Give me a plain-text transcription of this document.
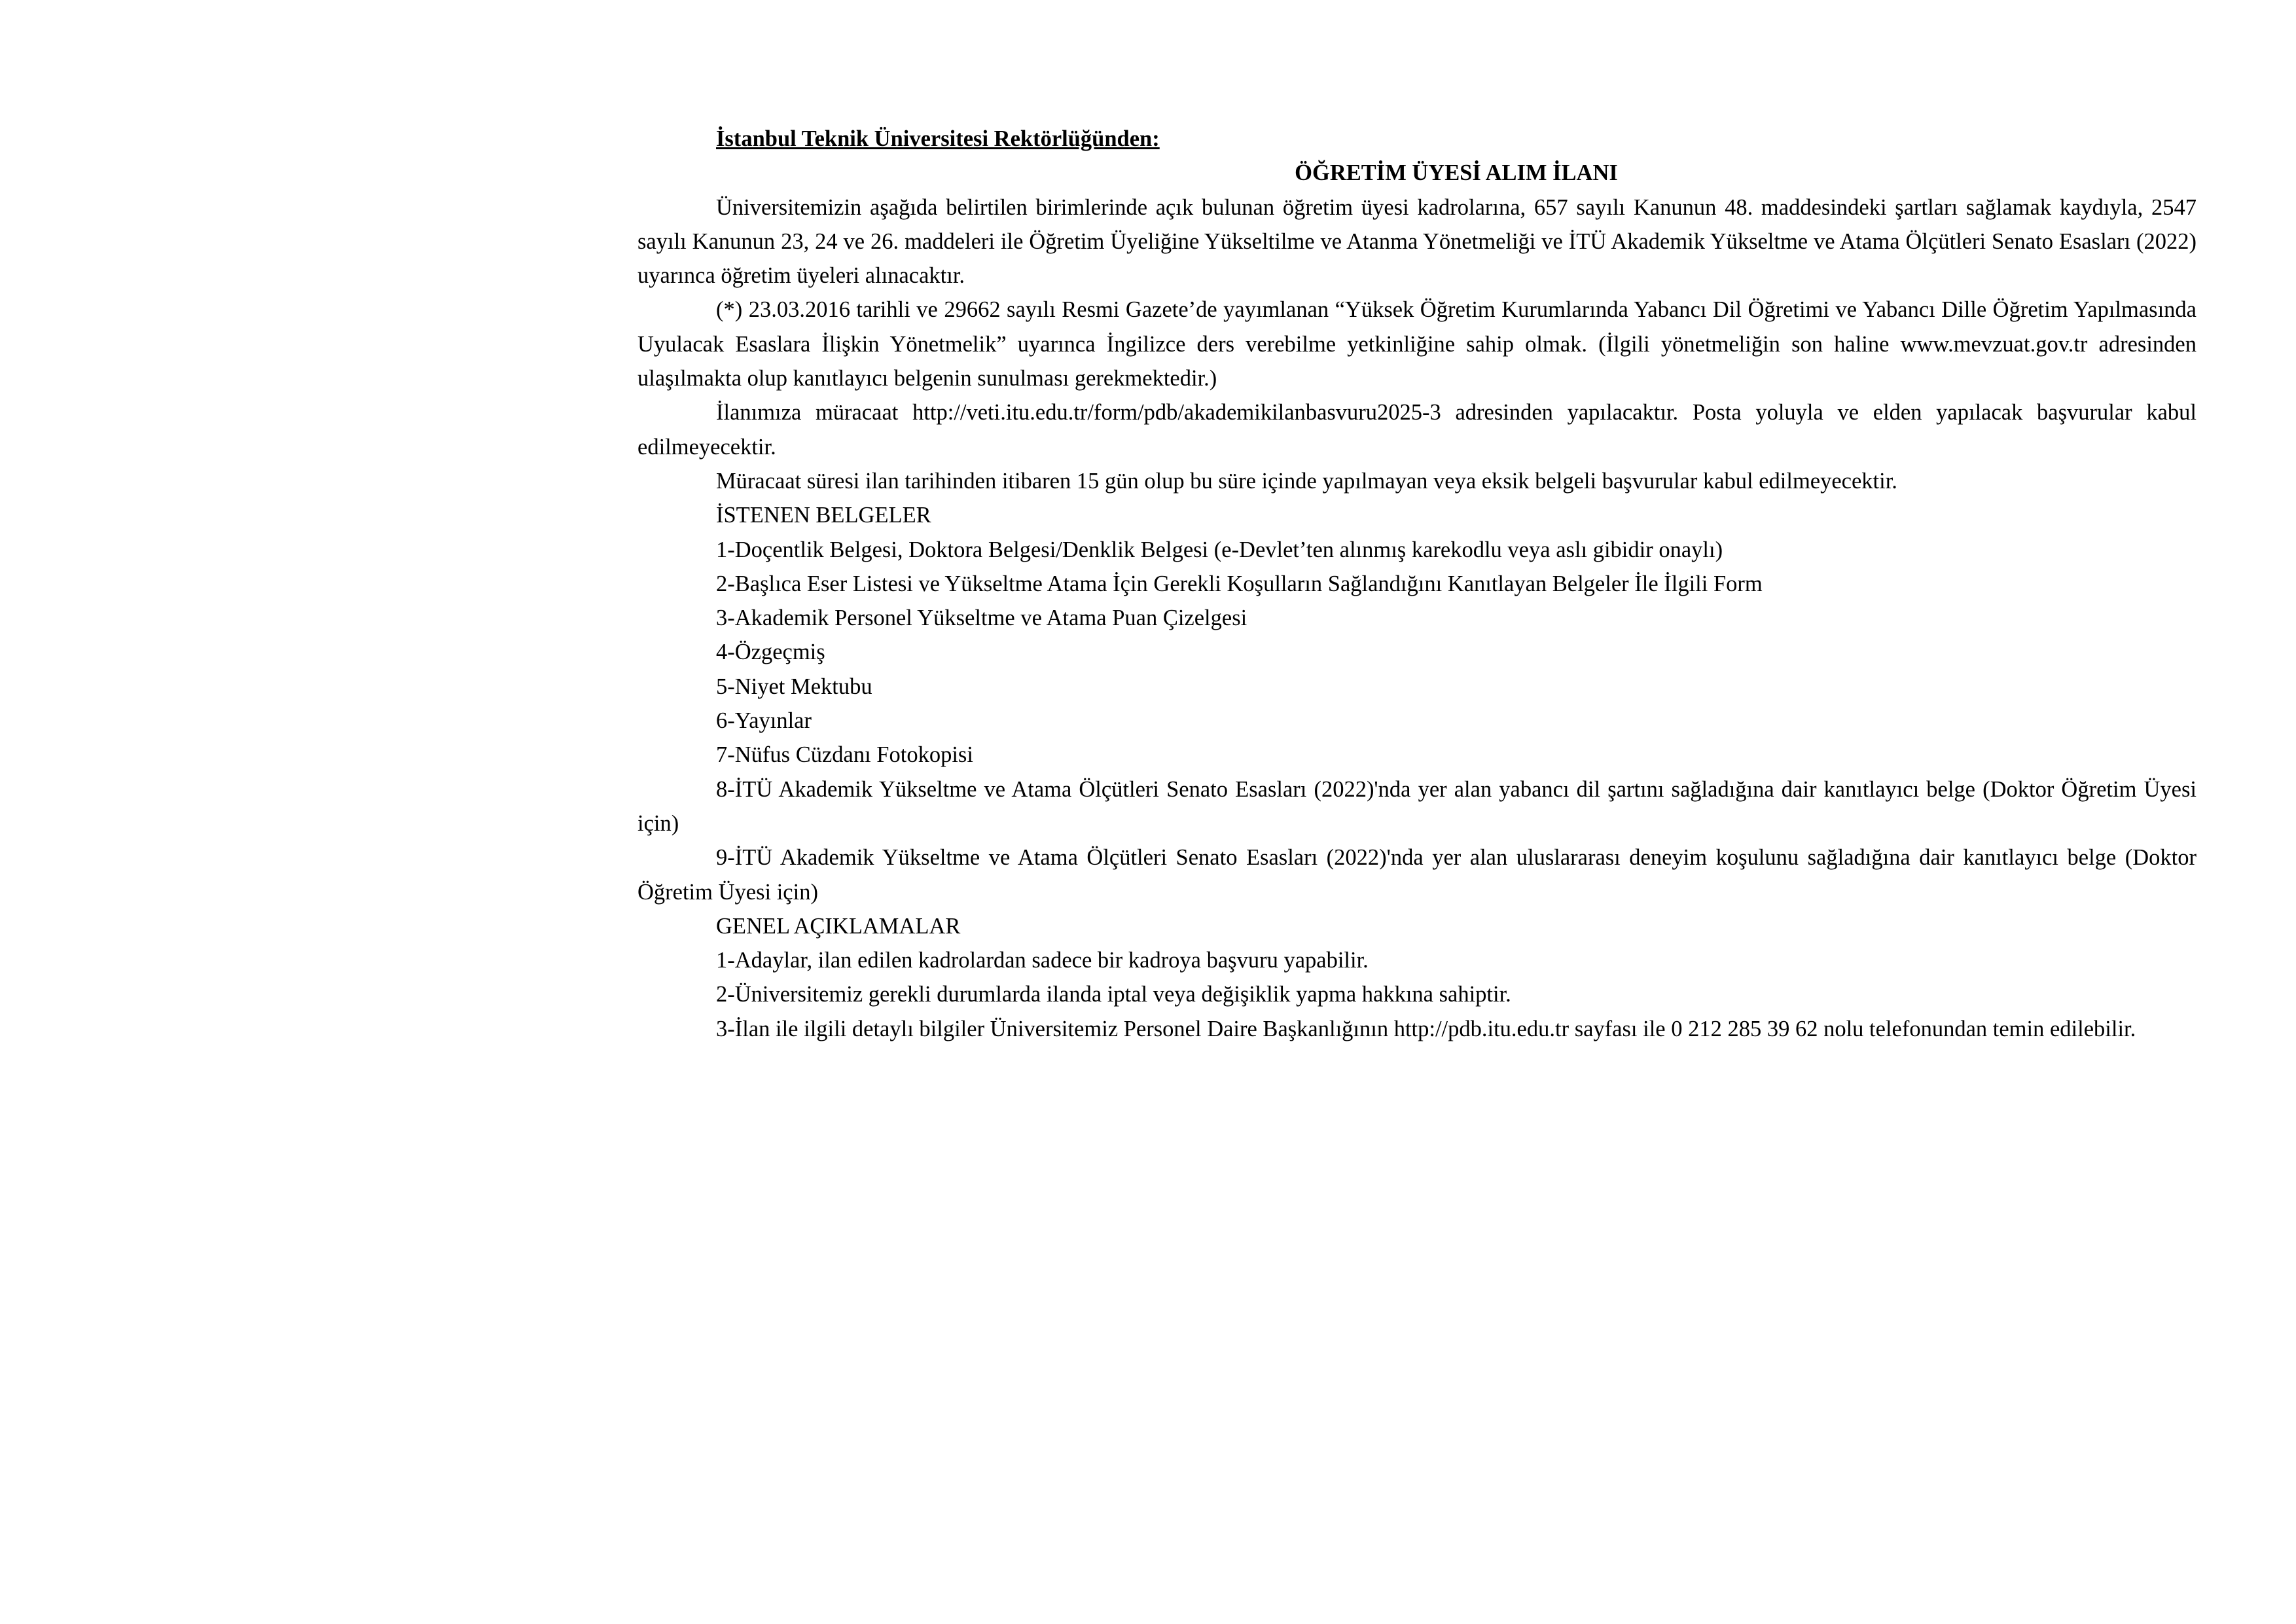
İstanbul Teknik Üniversitesi Rektörlüğünden:

ÖĞRETİM ÜYESİ ALIM İLANI

Üniversitemizin aşağıda belirtilen birimlerinde açık bulunan öğretim üyesi kadrolarına, 657 sayılı Kanunun 48. maddesindeki şartları sağlamak kaydıyla, 2547 sayılı Kanunun 23, 24 ve 26. maddeleri ile Öğretim Üyeliğine Yükseltilme ve Atanma Yönetmeliği ve İTÜ Akademik Yükseltme ve Atama Ölçütleri Senato Esasları (2022) uyarınca öğretim üyeleri alınacaktır.

(*) 23.03.2016 tarihli ve 29662 sayılı Resmi Gazete’de yayımlanan “Yüksek Öğretim Kurumlarında Yabancı Dil Öğretimi ve Yabancı Dille Öğretim Yapılmasında Uyulacak Esaslara İlişkin Yönetmelik” uyarınca İngilizce ders verebilme yetkinliğine sahip olmak. (İlgili yönetmeliğin son haline www.mevzuat.gov.tr adresinden ulaşılmakta olup kanıtlayıcı belgenin sunulması gerekmektedir.)

İlanımıza müracaat http://veti.itu.edu.tr/form/pdb/akademikilanbasvuru2025-3 adresinden yapılacaktır. Posta yoluyla ve elden yapılacak başvurular kabul edilmeyecektir.

Müracaat süresi ilan tarihinden itibaren 15 gün olup bu süre içinde yapılmayan veya eksik belgeli başvurular kabul edilmeyecektir.

İSTENEN BELGELER

1-Doçentlik Belgesi, Doktora Belgesi/Denklik Belgesi (e-Devlet’ten alınmış karekodlu veya aslı gibidir onaylı)

2-Başlıca Eser Listesi ve Yükseltme Atama İçin Gerekli Koşulların Sağlandığını Kanıtlayan Belgeler İle İlgili Form

3-Akademik Personel Yükseltme ve Atama Puan Çizelgesi

4-Özgeçmiş

5-Niyet Mektubu

6-Yayınlar

7-Nüfus Cüzdanı Fotokopisi

8-İTÜ Akademik Yükseltme ve Atama Ölçütleri Senato Esasları (2022)'nda yer alan yabancı dil şartını sağladığına dair kanıtlayıcı belge (Doktor Öğretim Üyesi için)

9-İTÜ Akademik Yükseltme ve Atama Ölçütleri Senato Esasları (2022)'nda yer alan uluslararası deneyim koşulunu sağladığına dair kanıtlayıcı belge (Doktor Öğretim Üyesi için)

GENEL AÇIKLAMALAR

1-Adaylar, ilan edilen kadrolardan sadece bir kadroya başvuru yapabilir.

2-Üniversitemiz gerekli durumlarda ilanda iptal veya değişiklik yapma hakkına sahiptir.

3-İlan ile ilgili detaylı bilgiler Üniversitemiz Personel Daire Başkanlığının http://pdb.itu.edu.tr sayfası ile 0 212 285 39 62 nolu telefonundan temin edilebilir.
